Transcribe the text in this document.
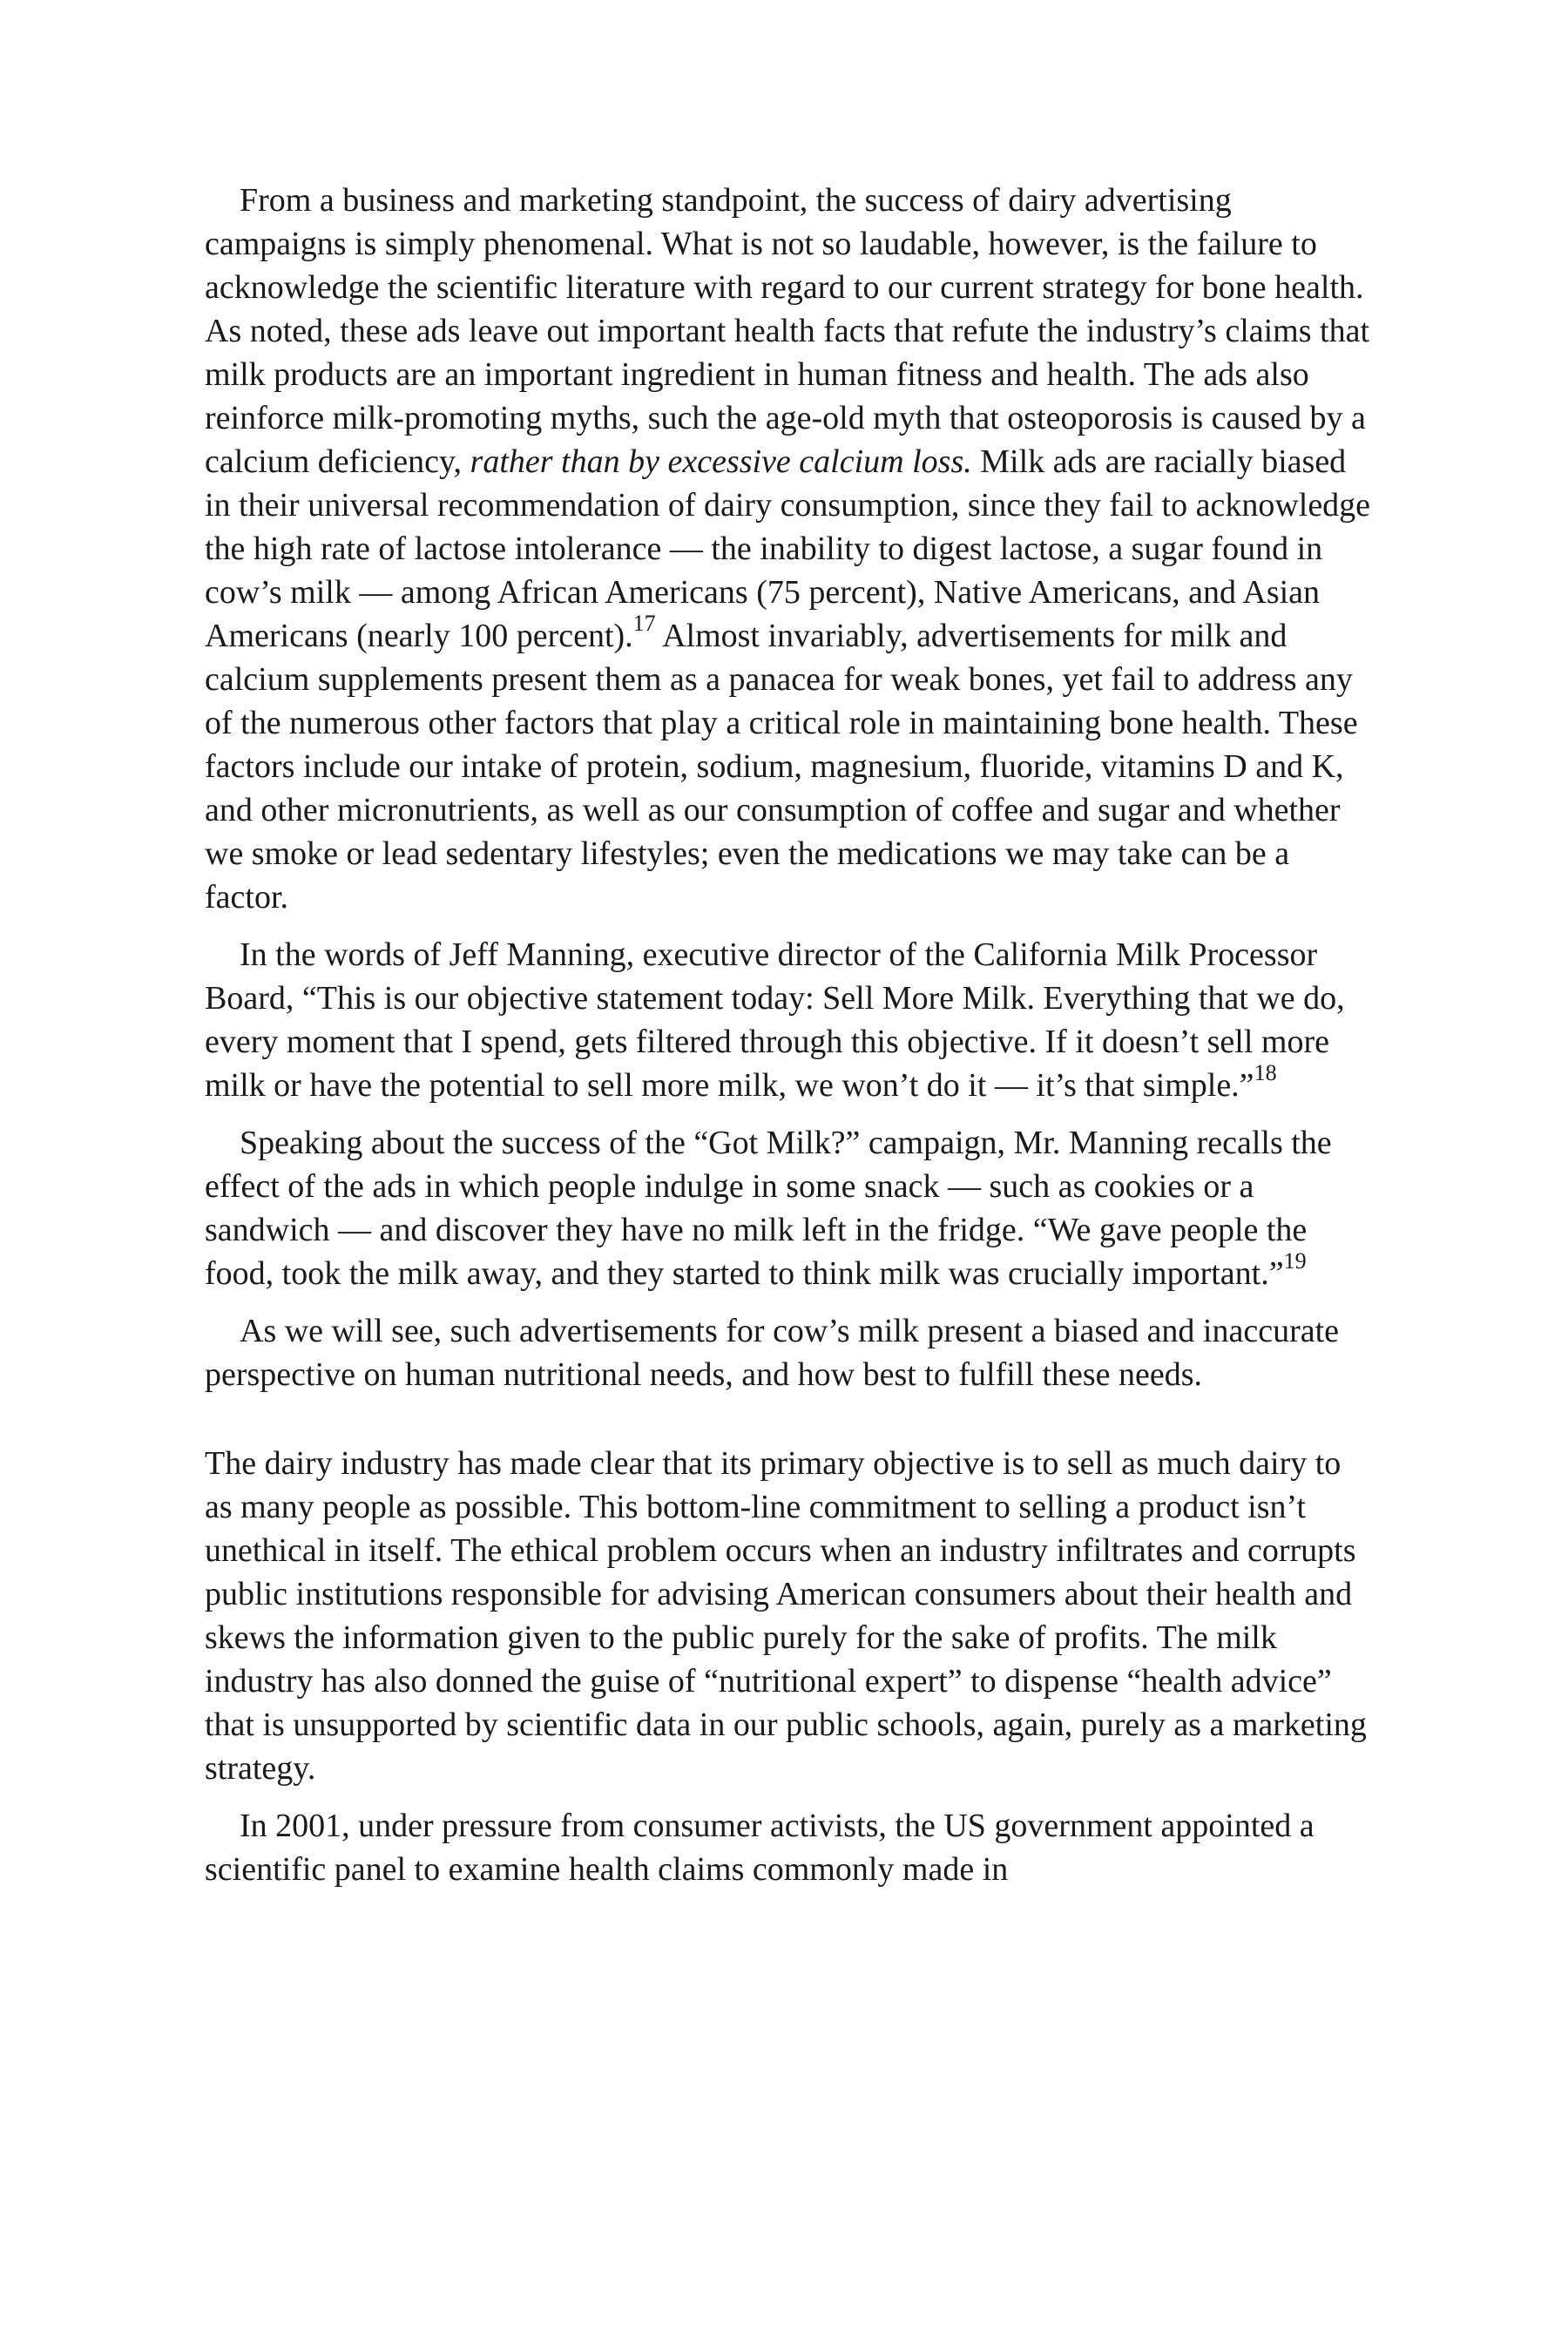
From a business and marketing standpoint, the success of dairy advertising campaigns is simply phenomenal. What is not so laudable, however, is the failure to acknowledge the scientific literature with regard to our current strategy for bone health. As noted, these ads leave out important health facts that refute the industry’s claims that milk products are an important ingredient in human fitness and health. The ads also reinforce milk-promoting myths, such the age-old myth that osteoporosis is caused by a calcium deficiency, rather than by excessive calcium loss. Milk ads are racially biased in their universal recommendation of dairy consumption, since they fail to acknowledge the high rate of lactose intolerance — the inability to digest lactose, a sugar found in cow’s milk — among African Americans (75 percent), Native Americans, and Asian Americans (nearly 100 percent).$^{17}$ Almost invariably, advertisements for milk and calcium supplements present them as a panacea for weak bones, yet fail to address any of the numerous other factors that play a critical role in maintaining bone health. These factors include our intake of protein, sodium, magnesium, fluoride, vitamins D and K, and other micronutrients, as well as our consumption of coffee and sugar and whether we smoke or lead sedentary lifestyles; even the medications we may take can be a factor.

In the words of Jeff Manning, executive director of the California Milk Processor Board, “This is our objective statement today: Sell More Milk. Everything that we do, every moment that I spend, gets filtered through this objective. If it doesn’t sell more milk or have the potential to sell more milk, we won’t do it — it’s that simple.”$^{18}$

Speaking about the success of the “Got Milk?” campaign, Mr. Manning recalls the effect of the ads in which people indulge in some snack — such as cookies or a sandwich — and discover they have no milk left in the fridge. “We gave people the food, took the milk away, and they started to think milk was crucially important.”$^{19}$

As we will see, such advertisements for cow’s milk present a biased and inaccurate perspective on human nutritional needs, and how best to fulfill these needs.

The dairy industry has made clear that its primary objective is to sell as much dairy to as many people as possible. This bottom-line commitment to selling a product isn’t unethical in itself. The ethical problem occurs when an industry infiltrates and corrupts public institutions responsible for advising American consumers about their health and skews the information given to the public purely for the sake of profits. The milk industry has also donned the guise of “nutritional expert” to dispense “health advice” that is unsupported by scientific data in our public schools, again, purely as a marketing strategy.

In 2001, under pressure from consumer activists, the US government appointed a scientific panel to examine health claims commonly made in
